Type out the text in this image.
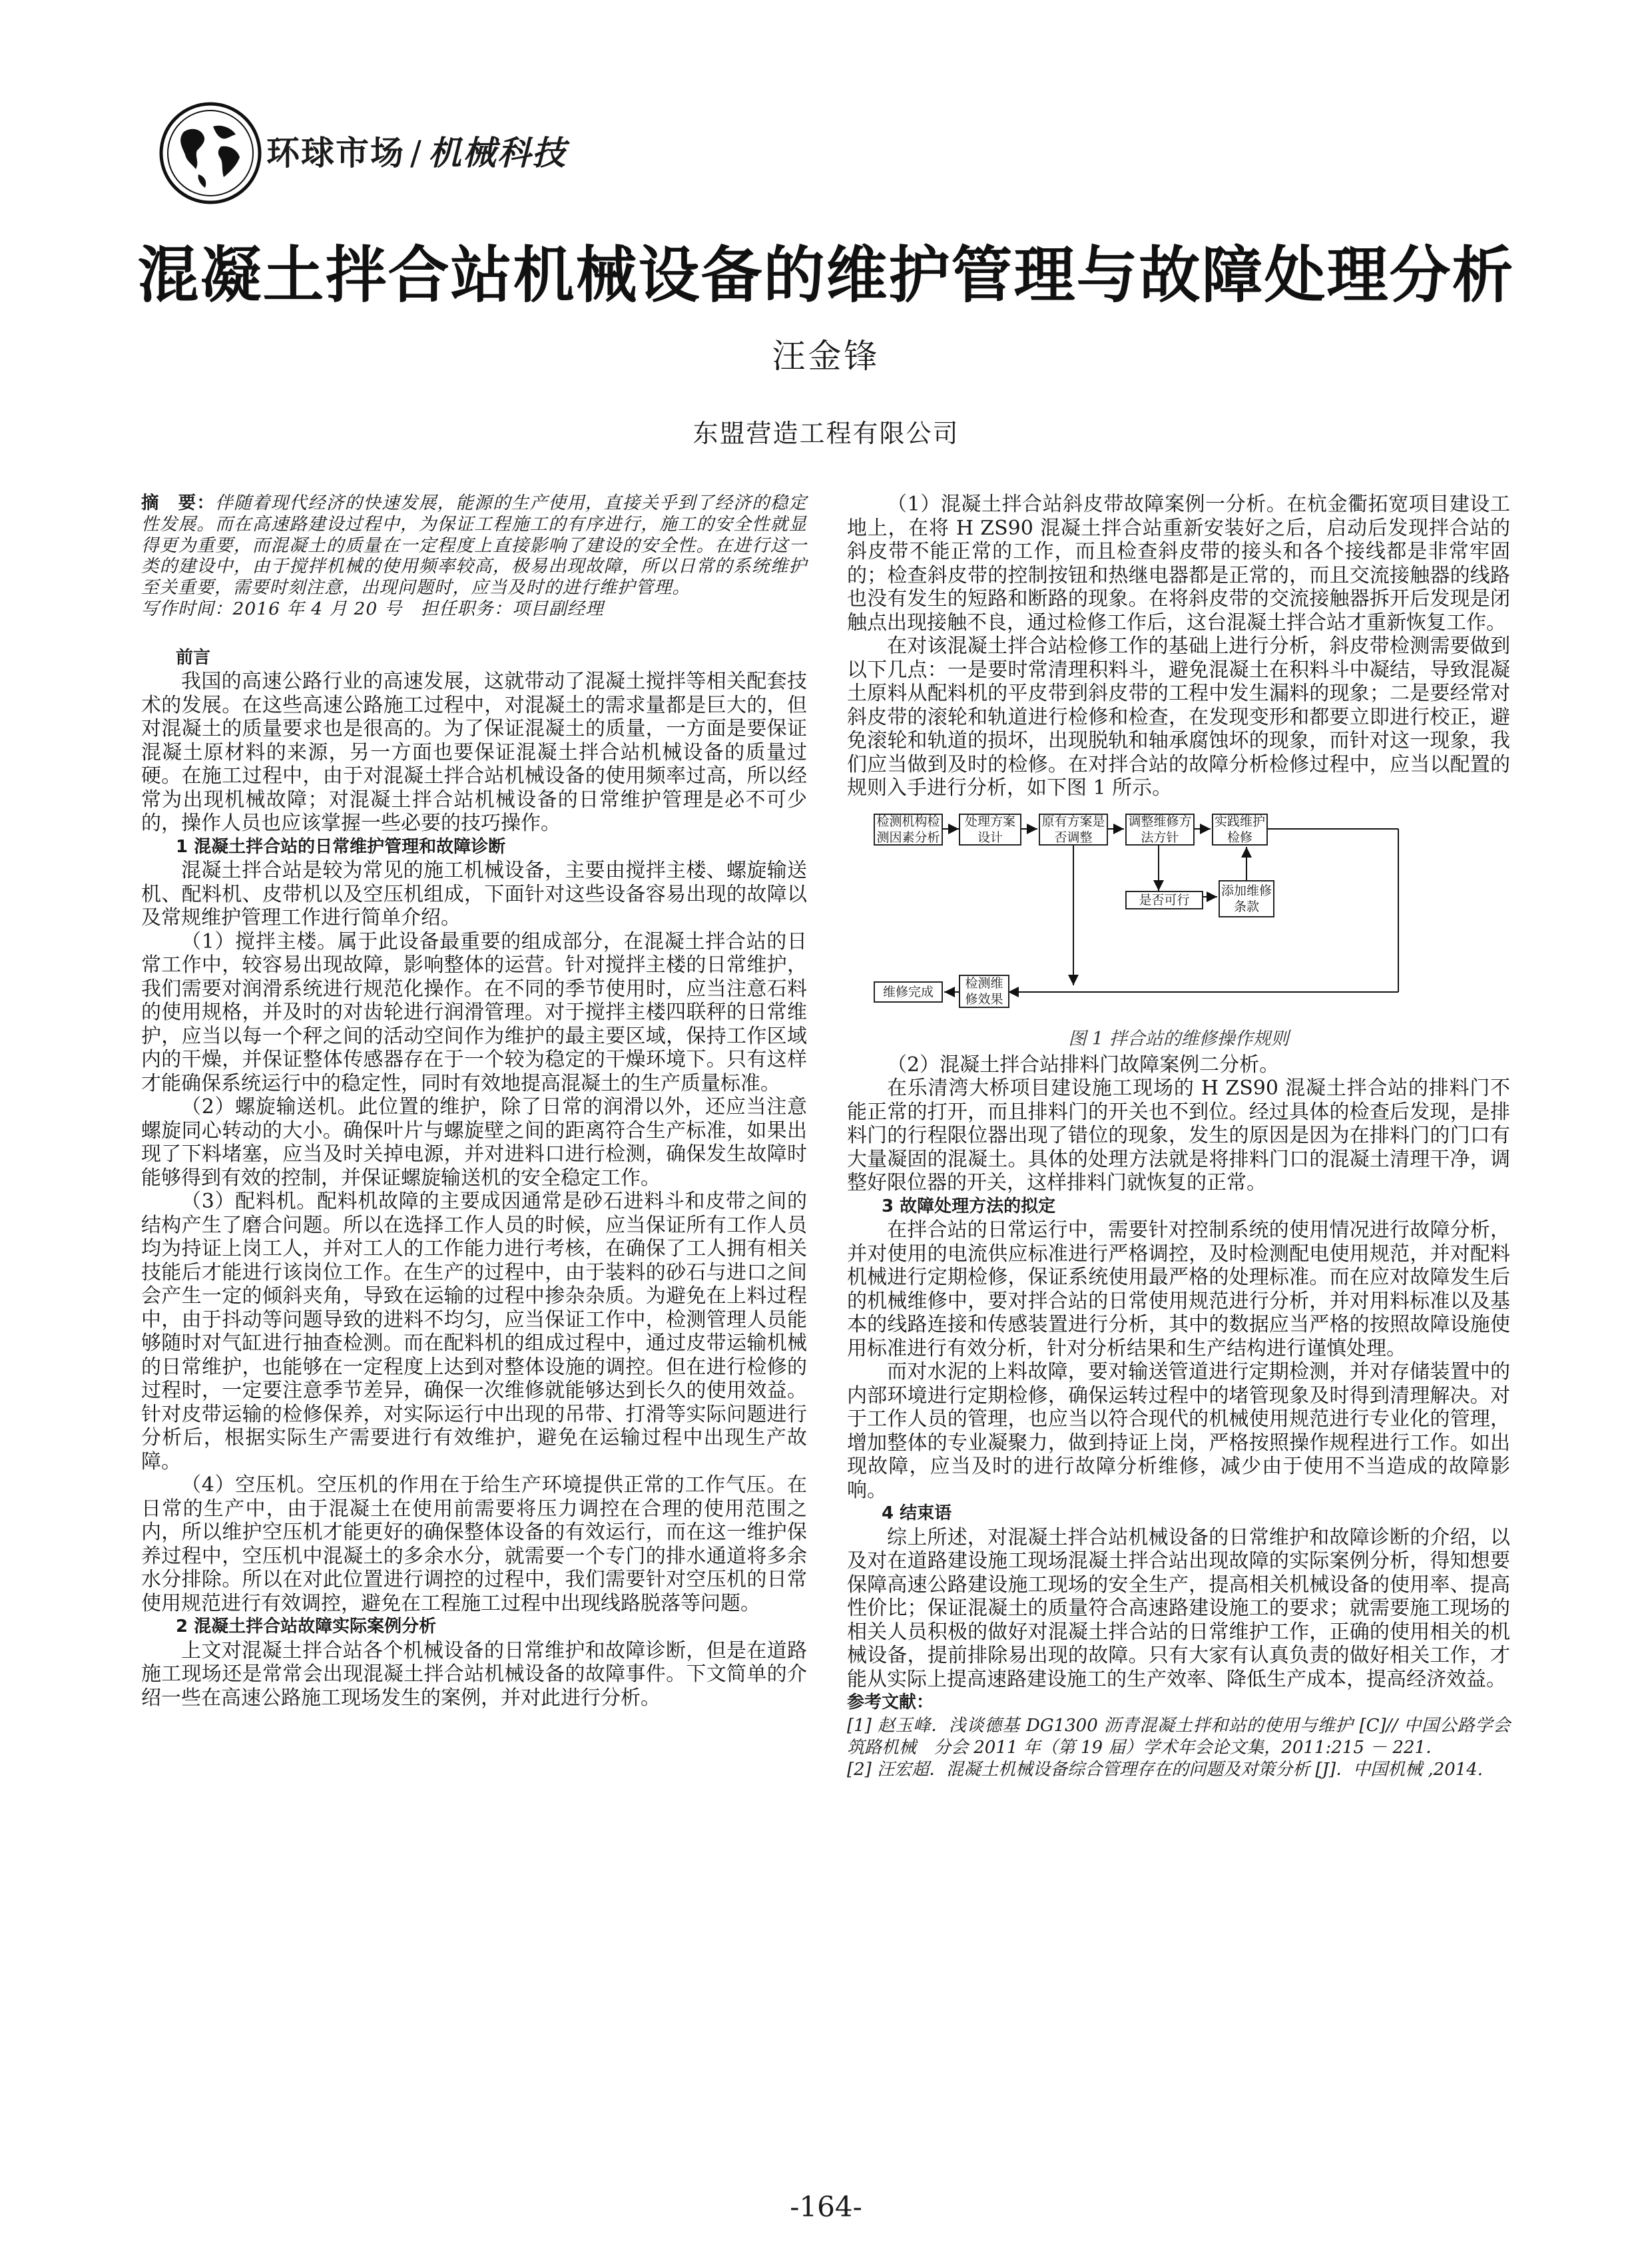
环球市场 / 机械科技
混凝土拌合站机械设备的维护管理与故障处理分析
汪金锋
东盟营造工程有限公司
摘　要：伴随着现代经济的快速发展，能源的生产使用，直接关乎到了经济的稳定性发展。而在高速路建设过程中，为保证工程施工的有序进行，施工的安全性就显得更为重要，而混凝土的质量在一定程度上直接影响了建设的安全性。在进行这一类的建设中，由于搅拌机械的使用频率较高，极易出现故障，所以日常的系统维护至关重要，需要时刻注意，出现问题时，应当及时的进行维护管理。
写作时间：2016 年 4 月 20 号　担任职务：项目副经理
前言

我国的高速公路行业的高速发展，这就带动了混凝土搅拌等相关配套技术的发展。在这些高速公路施工过程中，对混凝土的需求量都是巨大的，但对混凝土的质量要求也是很高的。为了保证混凝土的质量，一方面是要保证混凝土原材料的来源，另一方面也要保证混凝土拌合站机械设备的质量过硬。在施工过程中，由于对混凝土拌合站机械设备的使用频率过高，所以经常为出现机械故障；对混凝土拌合站机械设备的日常维护管理是必不可少的，操作人员也应该掌握一些必要的技巧操作。

1 混凝土拌合站的日常维护管理和故障诊断

混凝土拌合站是较为常见的施工机械设备，主要由搅拌主楼、螺旋输送机、配料机、皮带机以及空压机组成，下面针对这些设备容易出现的故障以及常规维护管理工作进行简单介绍。

（1）搅拌主楼。属于此设备最重要的组成部分，在混凝土拌合站的日常工作中，较容易出现故障，影响整体的运营。针对搅拌主楼的日常维护，我们需要对润滑系统进行规范化操作。在不同的季节使用时，应当注意石料的使用规格，并及时的对齿轮进行润滑管理。对于搅拌主楼四联秤的日常维护，应当以每一个秤之间的活动空间作为维护的最主要区域，保持工作区域内的干燥，并保证整体传感器存在于一个较为稳定的干燥环境下。只有这样才能确保系统运行中的稳定性，同时有效地提高混凝土的生产质量标准。

（2）螺旋输送机。此位置的维护，除了日常的润滑以外，还应当注意螺旋同心转动的大小。确保叶片与螺旋壁之间的距离符合生产标准，如果出现了下料堵塞，应当及时关掉电源，并对进料口进行检测，确保发生故障时能够得到有效的控制，并保证螺旋输送机的安全稳定工作。

（3）配料机。配料机故障的主要成因通常是砂石进料斗和皮带之间的结构产生了磨合问题。所以在选择工作人员的时候，应当保证所有工作人员均为持证上岗工人，并对工人的工作能力进行考核，在确保了工人拥有相关技能后才能进行该岗位工作。在生产的过程中，由于装料的砂石与进口之间会产生一定的倾斜夹角，导致在运输的过程中掺杂杂质。为避免在上料过程中，由于抖动等问题导致的进料不均匀，应当保证工作中，检测管理人员能够随时对气缸进行抽查检测。而在配料机的组成过程中，通过皮带运输机械的日常维护，也能够在一定程度上达到对整体设施的调控。但在进行检修的过程时，一定要注意季节差异，确保一次维修就能够达到长久的使用效益。针对皮带运输的检修保养，对实际运行中出现的吊带、打滑等实际问题进行分析后，根据实际生产需要进行有效维护，避免在运输过程中出现生产故障。

（4）空压机。空压机的作用在于给生产环境提供正常的工作气压。在日常的生产中，由于混凝土在使用前需要将压力调控在合理的使用范围之内，所以维护空压机才能更好的确保整体设备的有效运行，而在这一维护保养过程中，空压机中混凝土的多余水分，就需要一个专门的排水通道将多余水分排除。所以在对此位置进行调控的过程中，我们需要针对空压机的日常使用规范进行有效调控，避免在工程施工过程中出现线路脱落等问题。

2 混凝土拌合站故障实际案例分析

上文对混凝土拌合站各个机械设备的日常维护和故障诊断，但是在道路施工现场还是常常会出现混凝土拌合站机械设备的故障事件。下文简单的介绍一些在高速公路施工现场发生的案例，并对此进行分析。

（1）混凝土拌合站斜皮带故障案例一分析。在杭金衢拓宽项目建设工地上，在将 H ZS90 混凝土拌合站重新安装好之后，启动后发现拌合站的斜皮带不能正常的工作，而且检查斜皮带的接头和各个接线都是非常牢固的；检查斜皮带的控制按钮和热继电器都是正常的，而且交流接触器的线路也没有发生的短路和断路的现象。在将斜皮带的交流接触器拆开后发现是闭触点出现接触不良，通过检修工作后，这台混凝土拌合站才重新恢复工作。

在对该混凝土拌合站检修工作的基础上进行分析，斜皮带检测需要做到以下几点：一是要时常清理积料斗，避免混凝土在积料斗中凝结，导致混凝土原料从配料机的平皮带到斜皮带的工程中发生漏料的现象；二是要经常对斜皮带的滚轮和轨道进行检修和检查，在发现变形和都要立即进行校正，避免滚轮和轨道的损坏，出现脱轨和轴承腐蚀坏的现象，而针对这一现象，我们应当做到及时的检修。在对拌合站的故障分析检修过程中，应当以配置的规则入手进行分析，如下图 1 所示。

检测机构检测因素分析
处理方案设计
原有方案是否调整
调整维修方法方针
实践维护检修
是否可行
添加维修条款
检测维修效果
维修完成
图 1 拌合站的维修操作规则

（2）混凝土拌合站排料门故障案例二分析。

在乐清湾大桥项目建设施工现场的 H ZS90 混凝土拌合站的排料门不能正常的打开，而且排料门的开关也不到位。经过具体的检查后发现，是排料门的行程限位器出现了错位的现象，发生的原因是因为在排料门的门口有大量凝固的混凝土。具体的处理方法就是将排料门口的混凝土清理干净，调整好限位器的开关，这样排料门就恢复的正常。

3 故障处理方法的拟定

在拌合站的日常运行中，需要针对控制系统的使用情况进行故障分析，并对使用的电流供应标准进行严格调控，及时检测配电使用规范，并对配料机械进行定期检修，保证系统使用最严格的处理标准。而在应对故障发生后的机械维修中，要对拌合站的日常使用规范进行分析，并对用料标准以及基本的线路连接和传感装置进行分析，其中的数据应当严格的按照故障设施使用标准进行有效分析，针对分析结果和生产结构进行谨慎处理。

而对水泥的上料故障，要对输送管道进行定期检测，并对存储装置中的内部环境进行定期检修，确保运转过程中的堵管现象及时得到清理解决。对于工作人员的管理，也应当以符合现代的机械使用规范进行专业化的管理，增加整体的专业凝聚力，做到持证上岗，严格按照操作规程进行工作。如出现故障，应当及时的进行故障分析维修，减少由于使用不当造成的故障影响。

4 结束语

综上所述，对混凝土拌合站机械设备的日常维护和故障诊断的介绍，以及对在道路建设施工现场混凝土拌合站出现故障的实际案例分析，得知想要保障高速公路建设施工现场的安全生产，提高相关机械设备的使用率、提高性价比；保证混凝土的质量符合高速路建设施工的要求；就需要施工现场的相关人员积极的做好对混凝土拌合站的日常维护工作，正确的使用相关的机械设备，提前排除易出现的故障。只有大家有认真负责的做好相关工作，才能从实际上提高速路建设施工的生产效率、降低生产成本，提高经济效益。

参考文献：

[1] 赵玉峰．浅谈德基 DG1300 沥青混凝土拌和站的使用与维护 [C]// 中国公路学会筑路机械　分会 2011 年（第 19 届）学术年会论文集，2011:215 － 221．

[2] 汪宏超．混凝土机械设备综合管理存在的问题及对策分析 [J]．中国机械 ,2014.

-164-
